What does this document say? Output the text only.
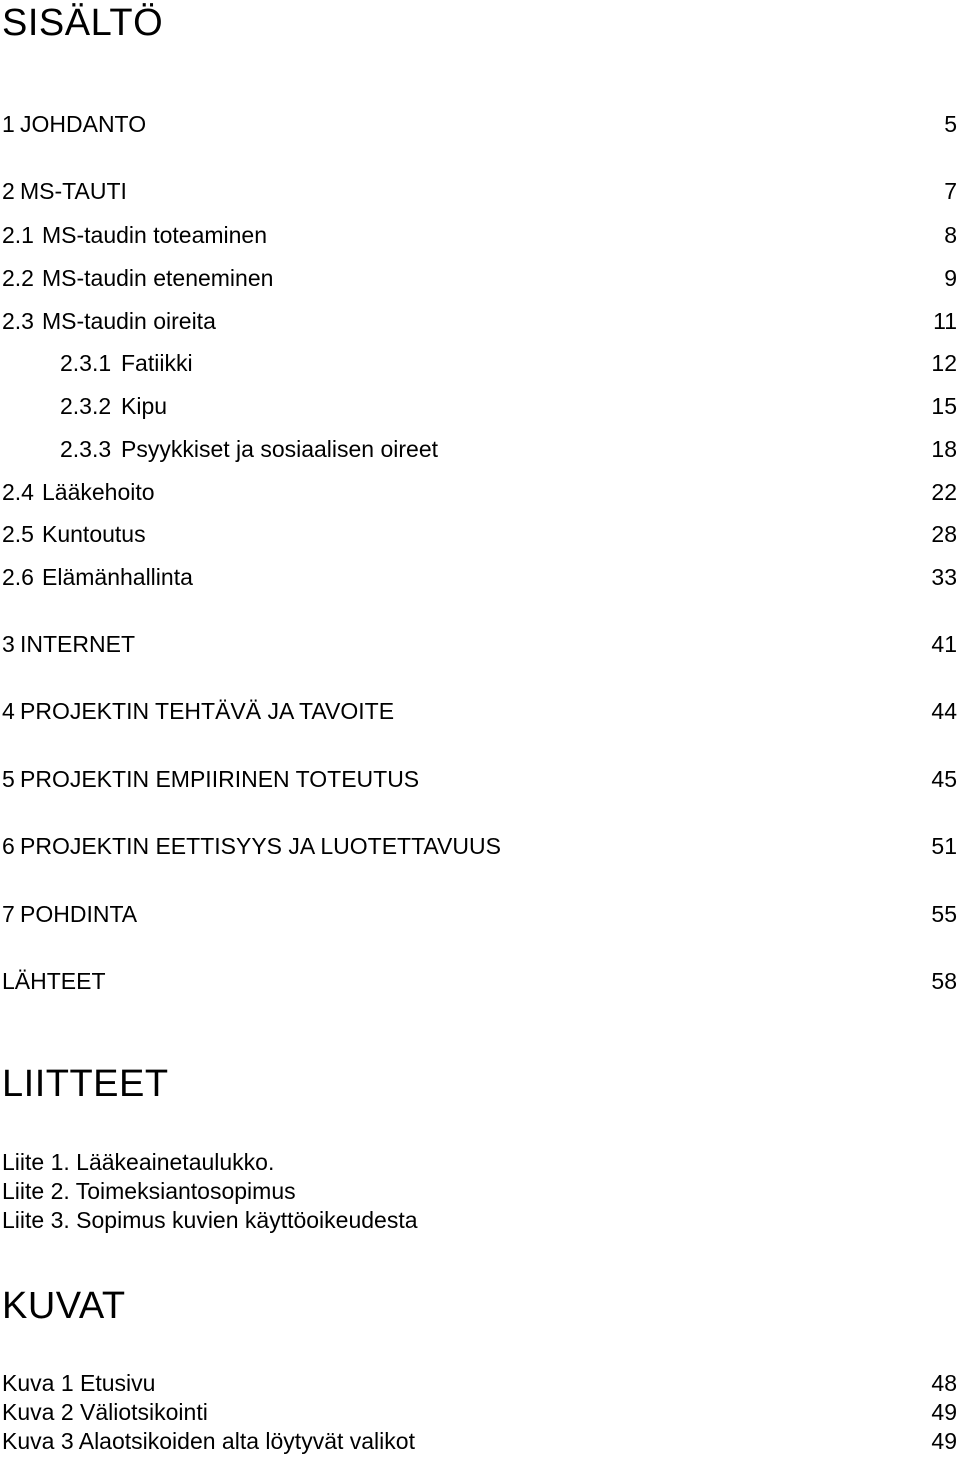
SISÄLTÖ
1 JOHDANTO	5
2 MS-TAUTI	7
2.1 MS-taudin toteaminen	8
2.2 MS-taudin eteneminen	9
2.3 MS-taudin oireita	11
2.3.1 Fatiikki	12
2.3.2 Kipu	15
2.3.3 Psyykkiset ja sosiaalisen oireet	18
2.4 Lääkehoito	22
2.5 Kuntoutus	28
2.6 Elämänhallinta	33
3 INTERNET	41
4 PROJEKTIN TEHTÄVÄ JA TAVOITE	44
5 PROJEKTIN EMPIIRINEN TOTEUTUS	45
6 PROJEKTIN EETTISYYS JA LUOTETTAVUUS	51
7 POHDINTA	55
LÄHTEET	58
LIITTEET
Liite 1. Lääkeainetaulukko.
Liite 2. Toimeksiantosopimus
Liite 3. Sopimus kuvien käyttöoikeudesta
KUVAT
Kuva 1 Etusivu	48
Kuva 2 Väliotsikointi	49
Kuva 3 Alaotsikoiden alta löytyvät valikot	49
